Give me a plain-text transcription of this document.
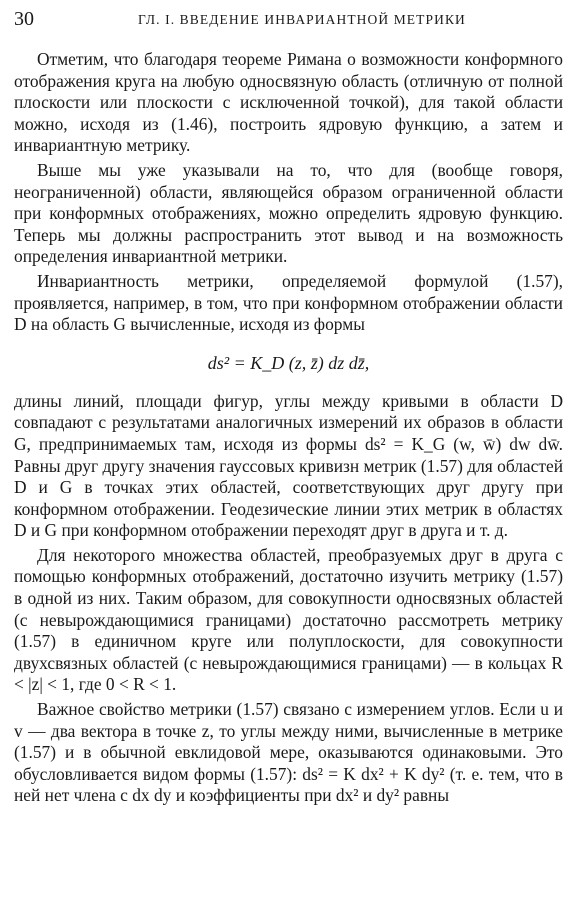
30	ГЛ. I. ВВЕДЕНИЕ ИНВАРИАНТНОЙ МЕТРИКИ

Отметим, что благодаря теореме Римана о возможности конформного отображения круга на любую односвязную область (отличную от полной плоскости или плоскости с исключенной точкой), для такой области можно, исходя из (1.46), построить ядровую функцию, а затем и инвариантную метрику.

Выше мы уже указывали на то, что для (вообще говоря, неограниченной) области, являющейся образом ограниченной области при конформных отображениях, можно определить ядровую функцию. Теперь мы должны распространить этот вывод и на возможность определения инвариантной метрики.

Инвариантность метрики, определяемой формулой (1.57), проявляется, например, в том, что при конформном отображении области D на область G вычисленные, исходя из формы

ds² = K_D (z, z̄) dz dz̄,

длины линий, площади фигур, углы между кривыми в области D совпадают с результатами аналогичных измерений их образов в области G, предпринимаемых там, исходя из формы ds² = K_G (w, w̄) dw dw̄. Равны друг другу значения гауссовых кривизн метрик (1.57) для областей D и G в точках этих областей, соответствующих друг другу при конформном отображении. Геодезические линии этих метрик в областях D и G при конформном отображении переходят друг в друга и т. д.

Для некоторого множества областей, преобразуемых друг в друга с помощью конформных отображений, достаточно изучить метрику (1.57) в одной из них. Таким образом, для совокупности односвязных областей (с невырождающимися границами) достаточно рассмотреть метрику (1.57) в единичном круге или полуплоскости, для совокупности двухсвязных областей (с невырождающимися границами) — в кольцах R < |z| < 1, где 0 < R < 1.

Важное свойство метрики (1.57) связано с измерением углов. Если u и v — два вектора в точке z, то углы между ними, вычисленные в метрике (1.57) и в обычной евклидовой мере, оказываются одинаковыми. Это обусловливается видом формы (1.57): ds² = K dx² + K dy² (т. е. тем, что в ней нет члена с dx dy и коэффициенты при dx² и dy² равны
